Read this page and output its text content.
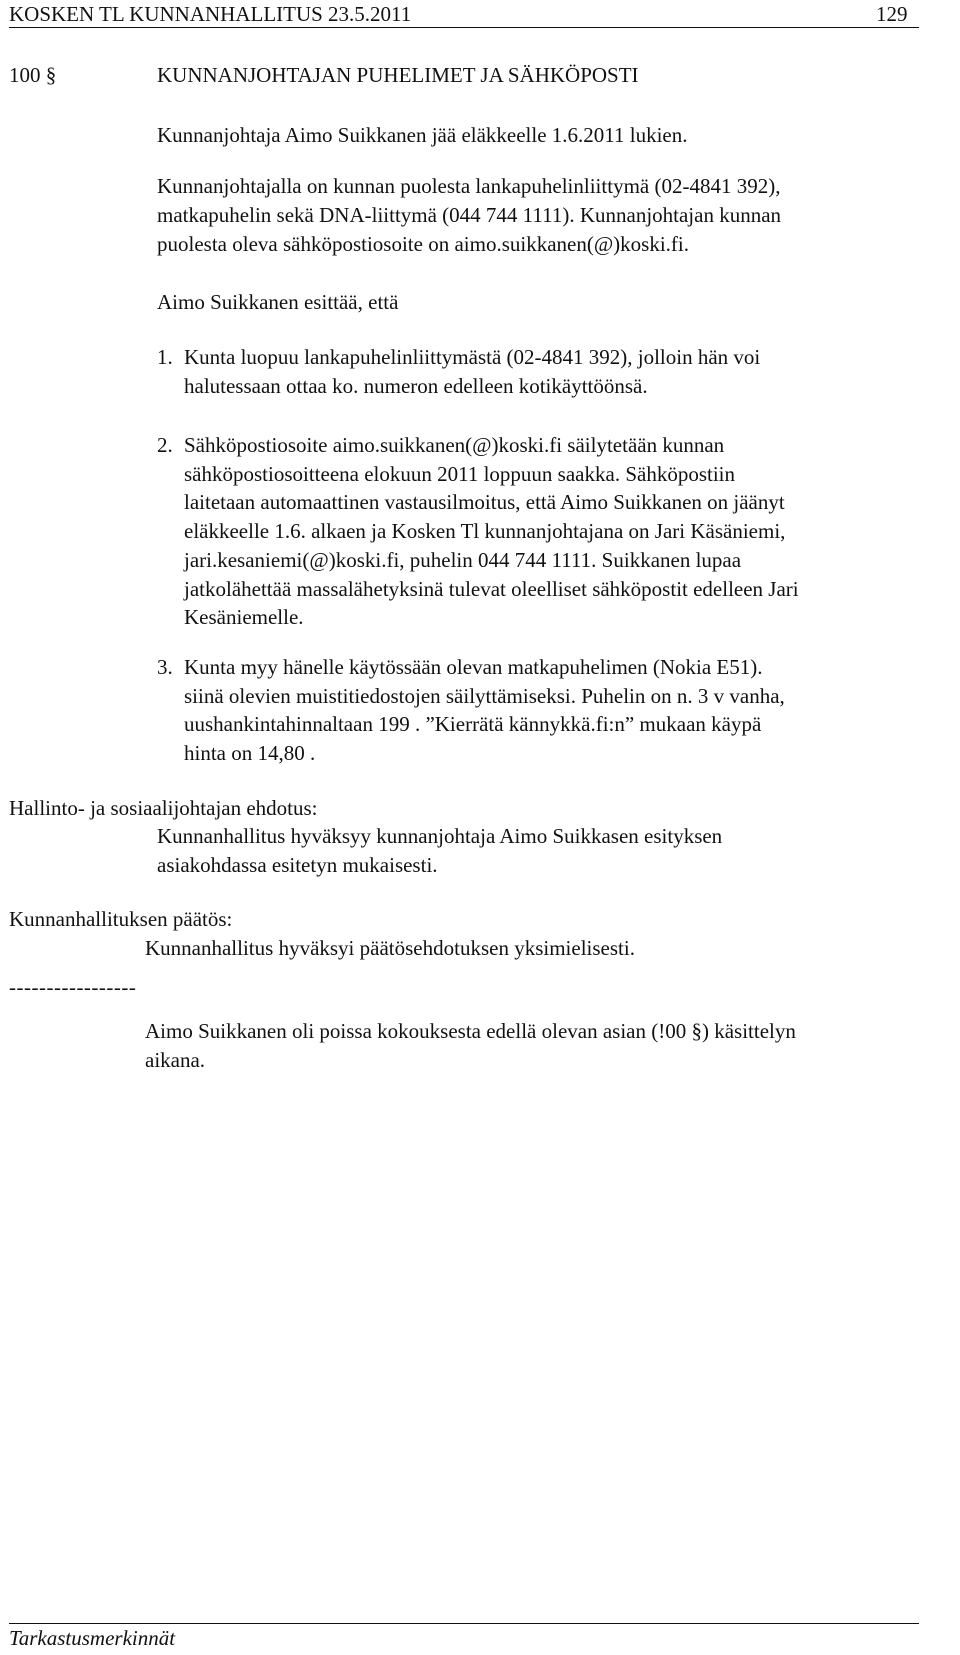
KOSKEN TL KUNNANHALLITUS 23.5.2011	129
100 §	KUNNANJOHTAJAN PUHELIMET JA SÄHKÖPOSTI
Kunnanjohtaja Aimo Suikkanen jää eläkkeelle 1.6.2011 lukien.
Kunnanjohtajalla on kunnan puolesta lankapuhelinliittymä (02-4841 392),
matkapuhelin sekä DNA-liittymä (044 744 1111). Kunnanjohtajan kunnan
puolesta oleva sähköpostiosoite on aimo.suikkanen(@)koski.fi.
Aimo Suikkanen esittää, että
1. Kunta luopuu lankapuhelinliittymästä (02-4841 392), jolloin hän voi
halutessaan ottaa ko. numeron edelleen kotikäyttöönsä.
2. Sähköpostiosoite aimo.suikkanen(@)koski.fi säilytetään kunnan
sähköpostiosoitteena elokuun 2011 loppuun saakka. Sähköpostiin
laitetaan automaattinen vastausilmoitus, että Aimo Suikkanen on jäänyt
eläkkeelle 1.6. alkaen ja Kosken Tl kunnanjohtajana on Jari Käsäniemi,
jari.kesaniemi(@)koski.fi, puhelin 044 744 1111. Suikkanen lupaa
jatkolähettää massalähetyksinä tulevat oleelliset sähköpostit edelleen Jari
Kesäniemelle.
3. Kunta myy hänelle käytössään olevan matkapuhelimen (Nokia E51).
siinä olevien muistitiedostojen säilyttämiseksi. Puhelin on n. 3 v vanha,
uushankintahinnaltaan 199 . ”Kierrätä kännykkä.fi:n” mukaan käypä
hinta on 14,80 .
Hallinto- ja sosiaalijohtajan ehdotus:
Kunnanhallitus hyväksyy kunnanjohtaja Aimo Suikkasen esityksen
asiakohdassa esitetyn mukaisesti.
Kunnanhallituksen päätös:
Kunnanhallitus hyväksyi päätösehdotuksen yksimielisesti.
-----------------
Aimo Suikkanen oli poissa kokouksesta edellä olevan asian (!00 §) käsittelyn
aikana.
Tarkastusmerkinnät
